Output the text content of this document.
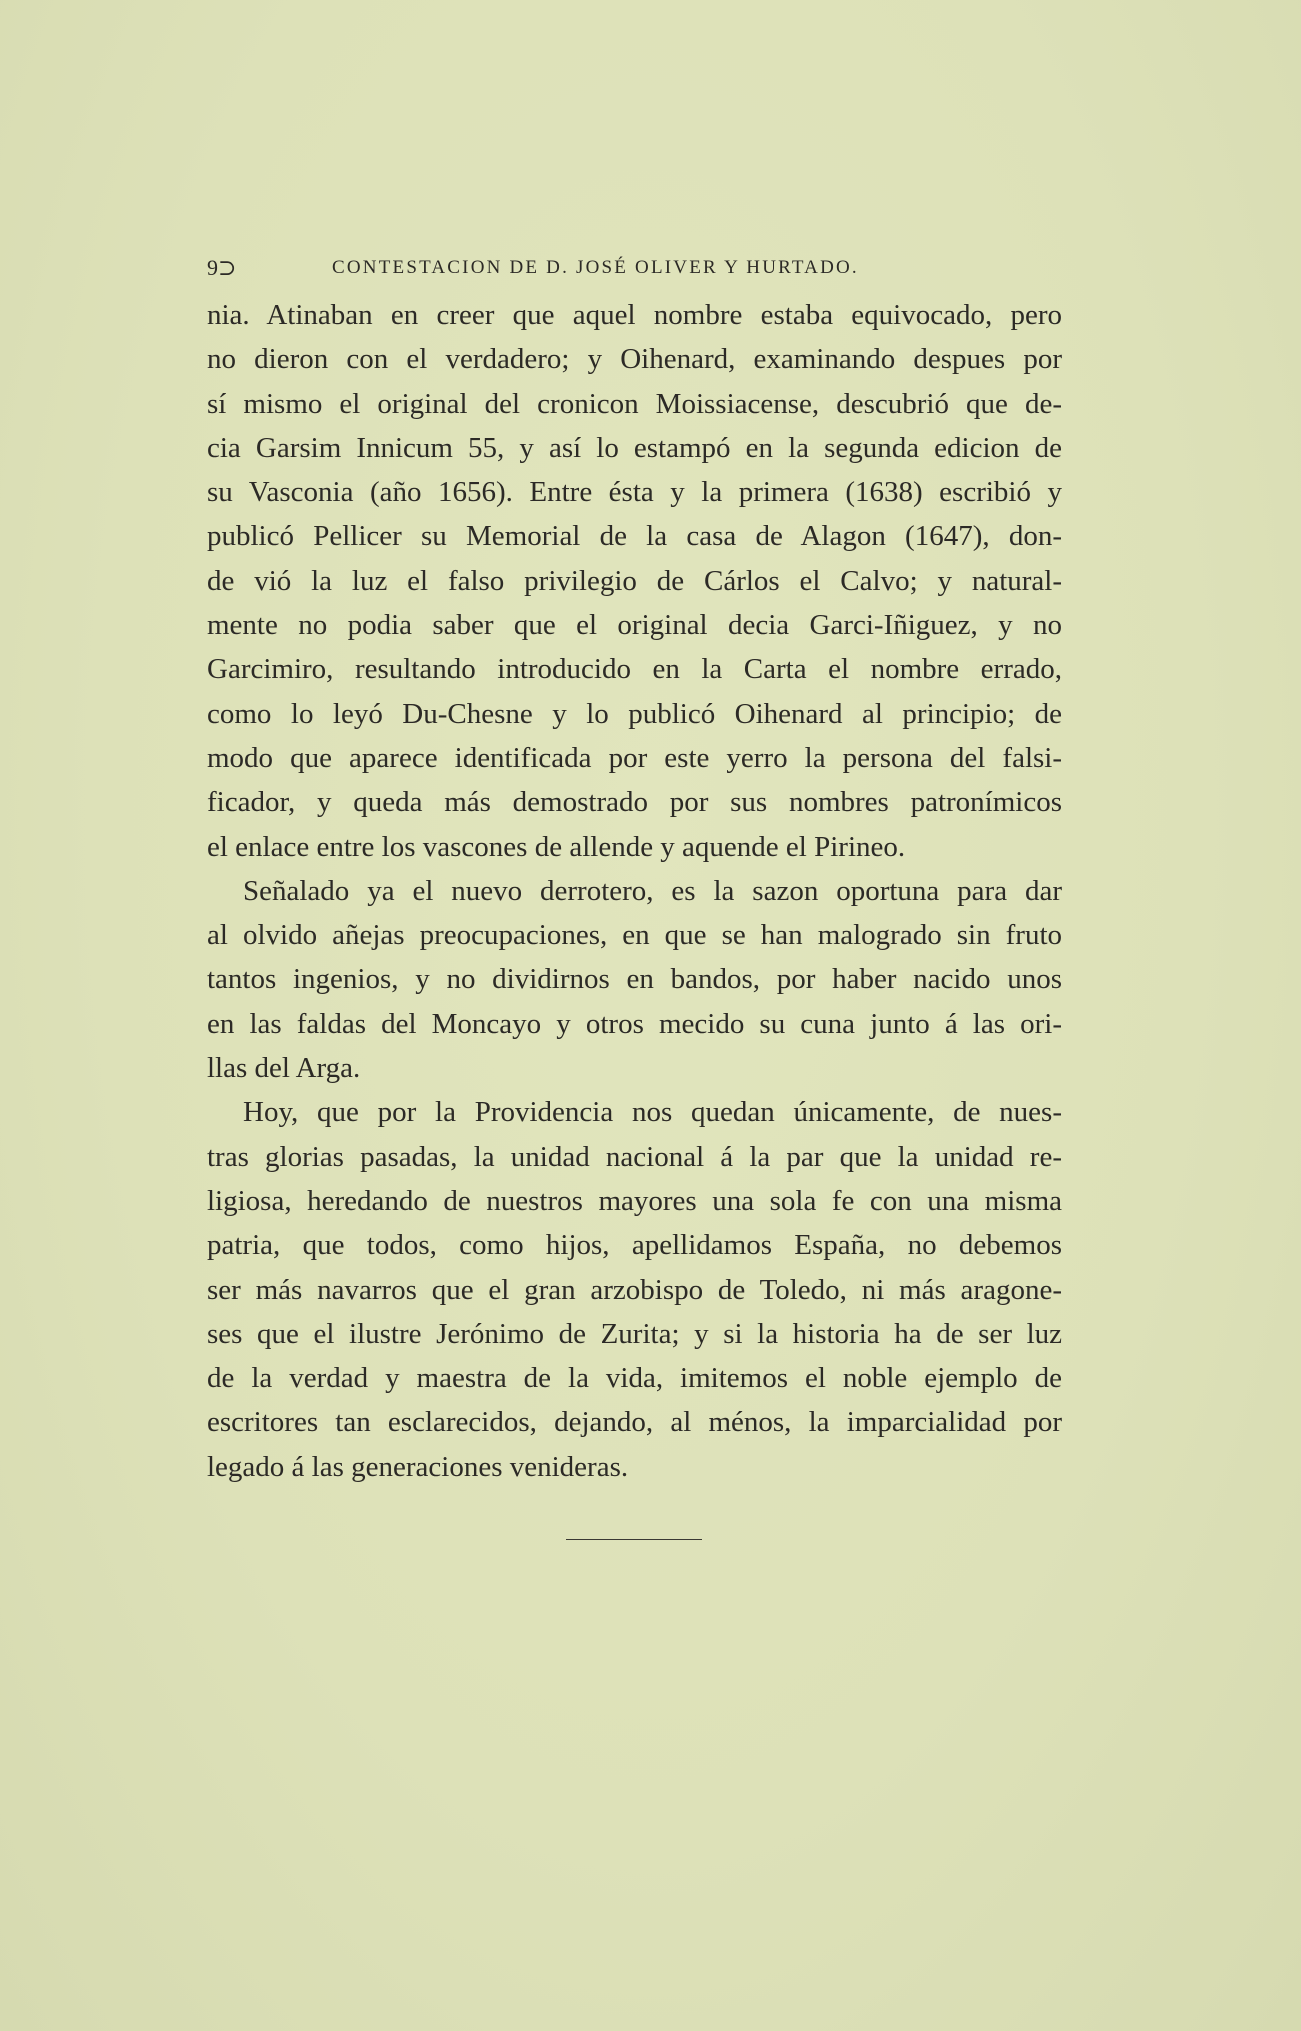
9⊃	CONTESTACION DE D. JOSÉ OLIVER Y HURTADO.
nia. Atinaban en creer que aquel nombre estaba equivocado, pero
no dieron con el verdadero; y Oihenard, examinando despues por
sí mismo el original del cronicon Moissiacense, descubrió que de-
cia Garsim Innicum 55, y así lo estampó en la segunda edicion de
su Vasconia (año 1656). Entre ésta y la primera (1638) escribió y
publicó Pellicer su Memorial de la casa de Alagon (1647), don-
de vió la luz el falso privilegio de Cárlos el Calvo; y natural-
mente no podia saber que el original decia Garci-Iñiguez, y no
Garcimiro, resultando introducido en la Carta el nombre errado,
como lo leyó Du-Chesne y lo publicó Oihenard al principio; de
modo que aparece identificada por este yerro la persona del falsi-
ficador, y queda más demostrado por sus nombres patronímicos
el enlace entre los vascones de allende y aquende el Pirineo.
Señalado ya el nuevo derrotero, es la sazon oportuna para dar
al olvido añejas preocupaciones, en que se han malogrado sin fruto
tantos ingenios, y no dividirnos en bandos, por haber nacido unos
en las faldas del Moncayo y otros mecido su cuna junto á las ori-
llas del Arga.
Hoy, que por la Providencia nos quedan únicamente, de nues-
tras glorias pasadas, la unidad nacional á la par que la unidad re-
ligiosa, heredando de nuestros mayores una sola fe con una misma
patria, que todos, como hijos, apellidamos España, no debemos
ser más navarros que el gran arzobispo de Toledo, ni más aragone-
ses que el ilustre Jerónimo de Zurita; y si la historia ha de ser luz
de la verdad y maestra de la vida, imitemos el noble ejemplo de
escritores tan esclarecidos, dejando, al ménos, la imparcialidad por
legado á las generaciones venideras.
